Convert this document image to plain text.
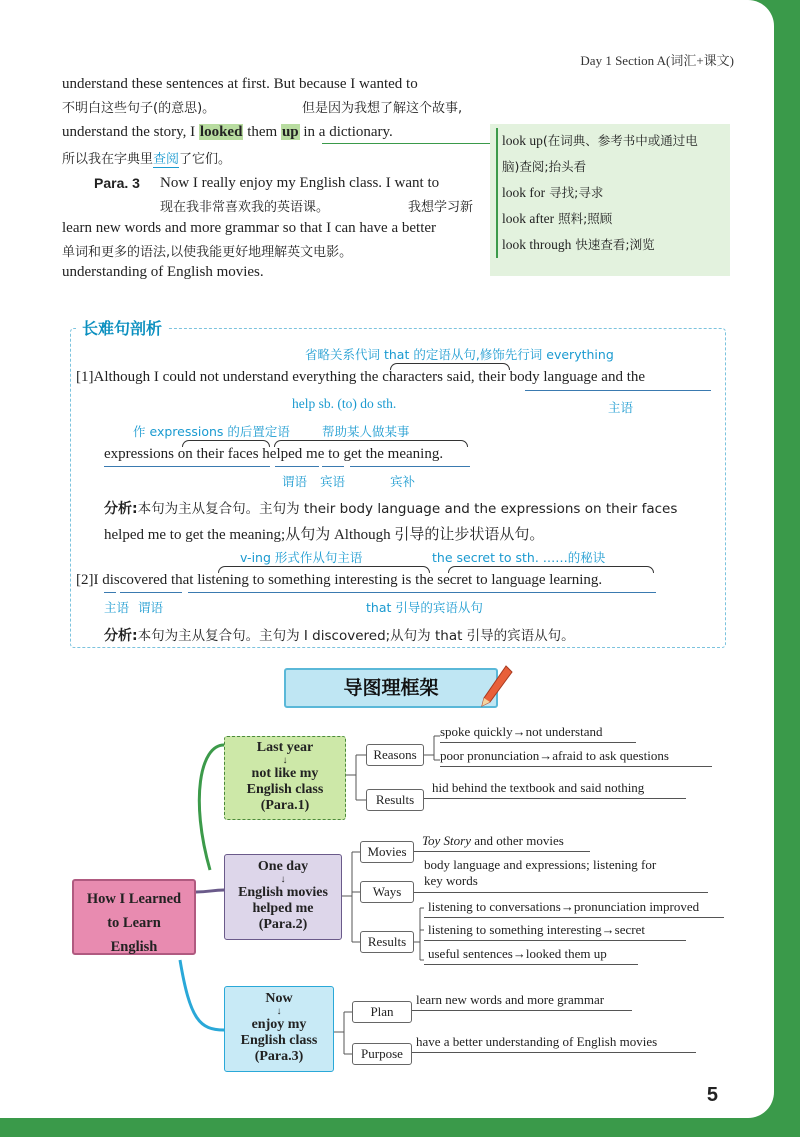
Day 1 Section A(词汇+课文)
understand these sentences at first. But because I wanted to
不明白这些句子(的意思)。	但是因为我想了解这个故事,
understand the story, I looked them up in a dictionary.
所以我在字典里查阅了它们。
Para. 3 Now I really enjoy my English class. I want to
现在我非常喜欢我的英语课。	我想学习新
learn new words and more grammar so that I can have a better
单词和更多的语法,以使我能更好地理解英文电影。
understanding of English movies.
look up(在词典、参考书中或通过电
脑)查阅;抬头看
look for 寻找;寻求
look after 照料;照顾
look through 快速查看;浏览
长难句剖析
省略关系代词 that 的定语从句,修饰先行词 everything
[1]Although I could not understand everything the characters said, their body language and the
help sb. (to) do sth.	主语
作 expressions 的后置定语	帮助某人做某事
expressions on their faces helped me to get the meaning.
谓语 宾语	宾补
分析:本句为主从复合句。主句为 their body language and the expressions on their faces
helped me to get the meaning;从句为 Although 引导的让步状语从句。
v-ing 形式作从句主语	the secret to sth. ……的秘诀
[2]I discovered that listening to something interesting is the secret to language learning.
主语 谓语	that 引导的宾语从句
分析:本句为主从复合句。主句为 I discovered;从句为 that 引导的宾语从句。
导图理框架
How I Learned
to Learn
English
Last year
↓
not like my
English class
(Para.1)
One day
↓
English movies
helped me
(Para.2)
Now
↓
enjoy my
English class
(Para.3)
Reasons
Results
Movies
Ways
Results
Plan
Purpose
spoke quickly→not understand
poor pronunciation→afraid to ask questions
hid behind the textbook and said nothing
Toy Story and other movies
body language and expressions; listening for
key words
listening to conversations→pronunciation improved
listening to something interesting→secret
useful sentences→looked them up
learn new words and more grammar
have a better understanding of English movies
5
